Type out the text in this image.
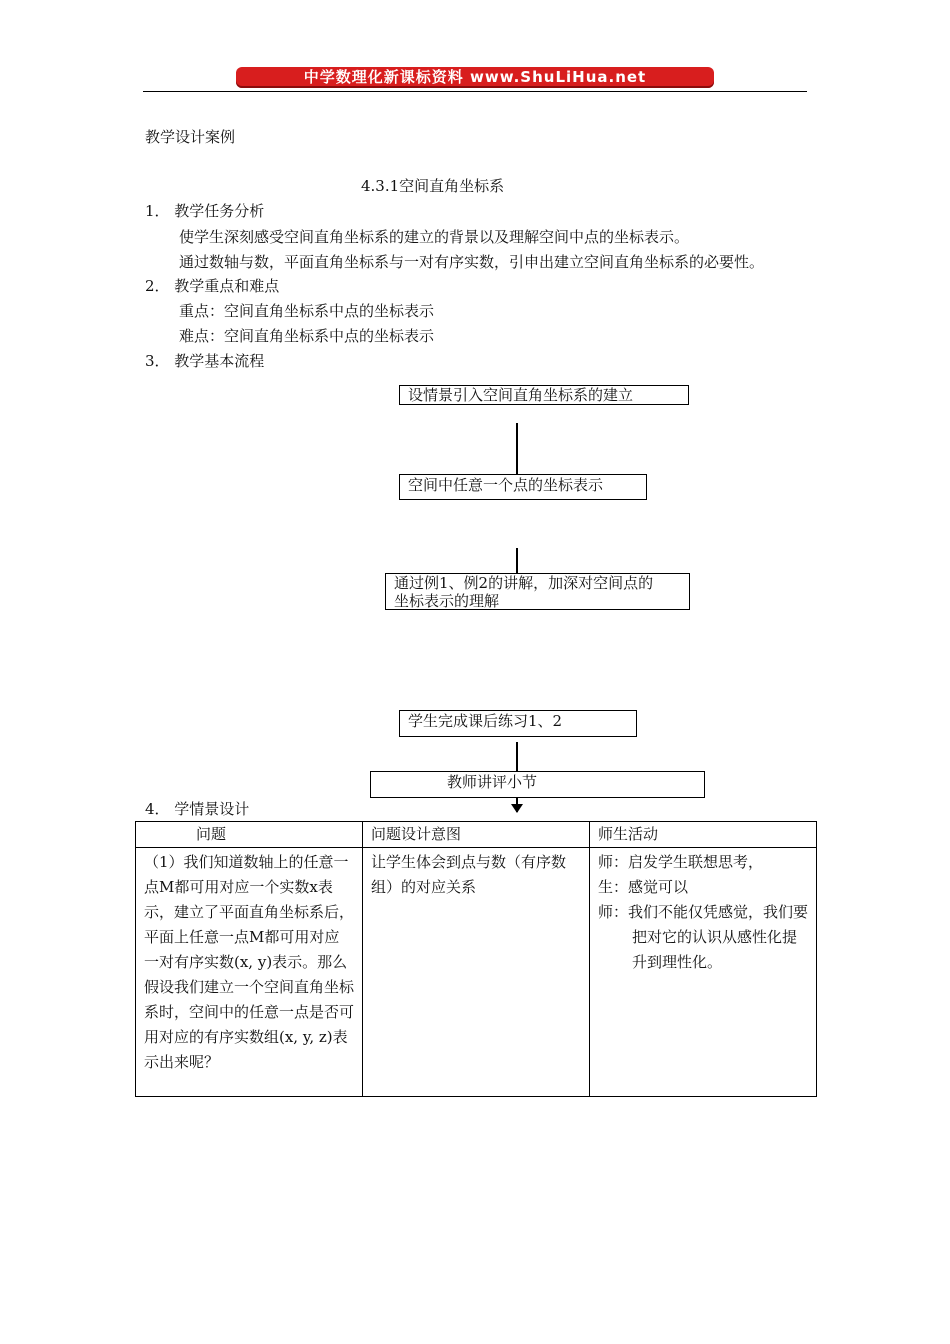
中学数理化新课标资料 www.ShuLiHua.net
教学设计案例
4.3.1空间直角坐标系
1． 教学任务分析
使学生深刻感受空间直角坐标系的建立的背景以及理解空间中点的坐标表示。
通过数轴与数，平面直角坐标系与一对有序实数，引申出建立空间直角坐标系的必要性。
2． 教学重点和难点
重点：空间直角坐标系中点的坐标表示
难点：空间直角坐标系中点的坐标表示
3． 教学基本流程
设情景引入空间直角坐标系的建立
空间中任意一个点的坐标表示
通过例1、例2的讲解，加深对空间点的
坐标表示的理解
学生完成课后练习1、2
教师讲评小节
4． 学情景设计
问题	问题设计意图	师生活动
（1）我们知道数轴上的任意一点M都可用对应一个实数x表示，建立了平面直角坐标系后，平面上任意一点M都可用对应一对有序实数(x, y)表示。那么假设我们建立一个空间直角坐标系时，空间中的任意一点是否可用对应的有序实数组(x, y, z)表示出来呢？	让学生体会到点与数（有序数组）的对应关系	师：启发学生联想思考，
生：感觉可以
师：我们不能仅凭感觉，我们要把对它的认识从感性化提升到理性化。
